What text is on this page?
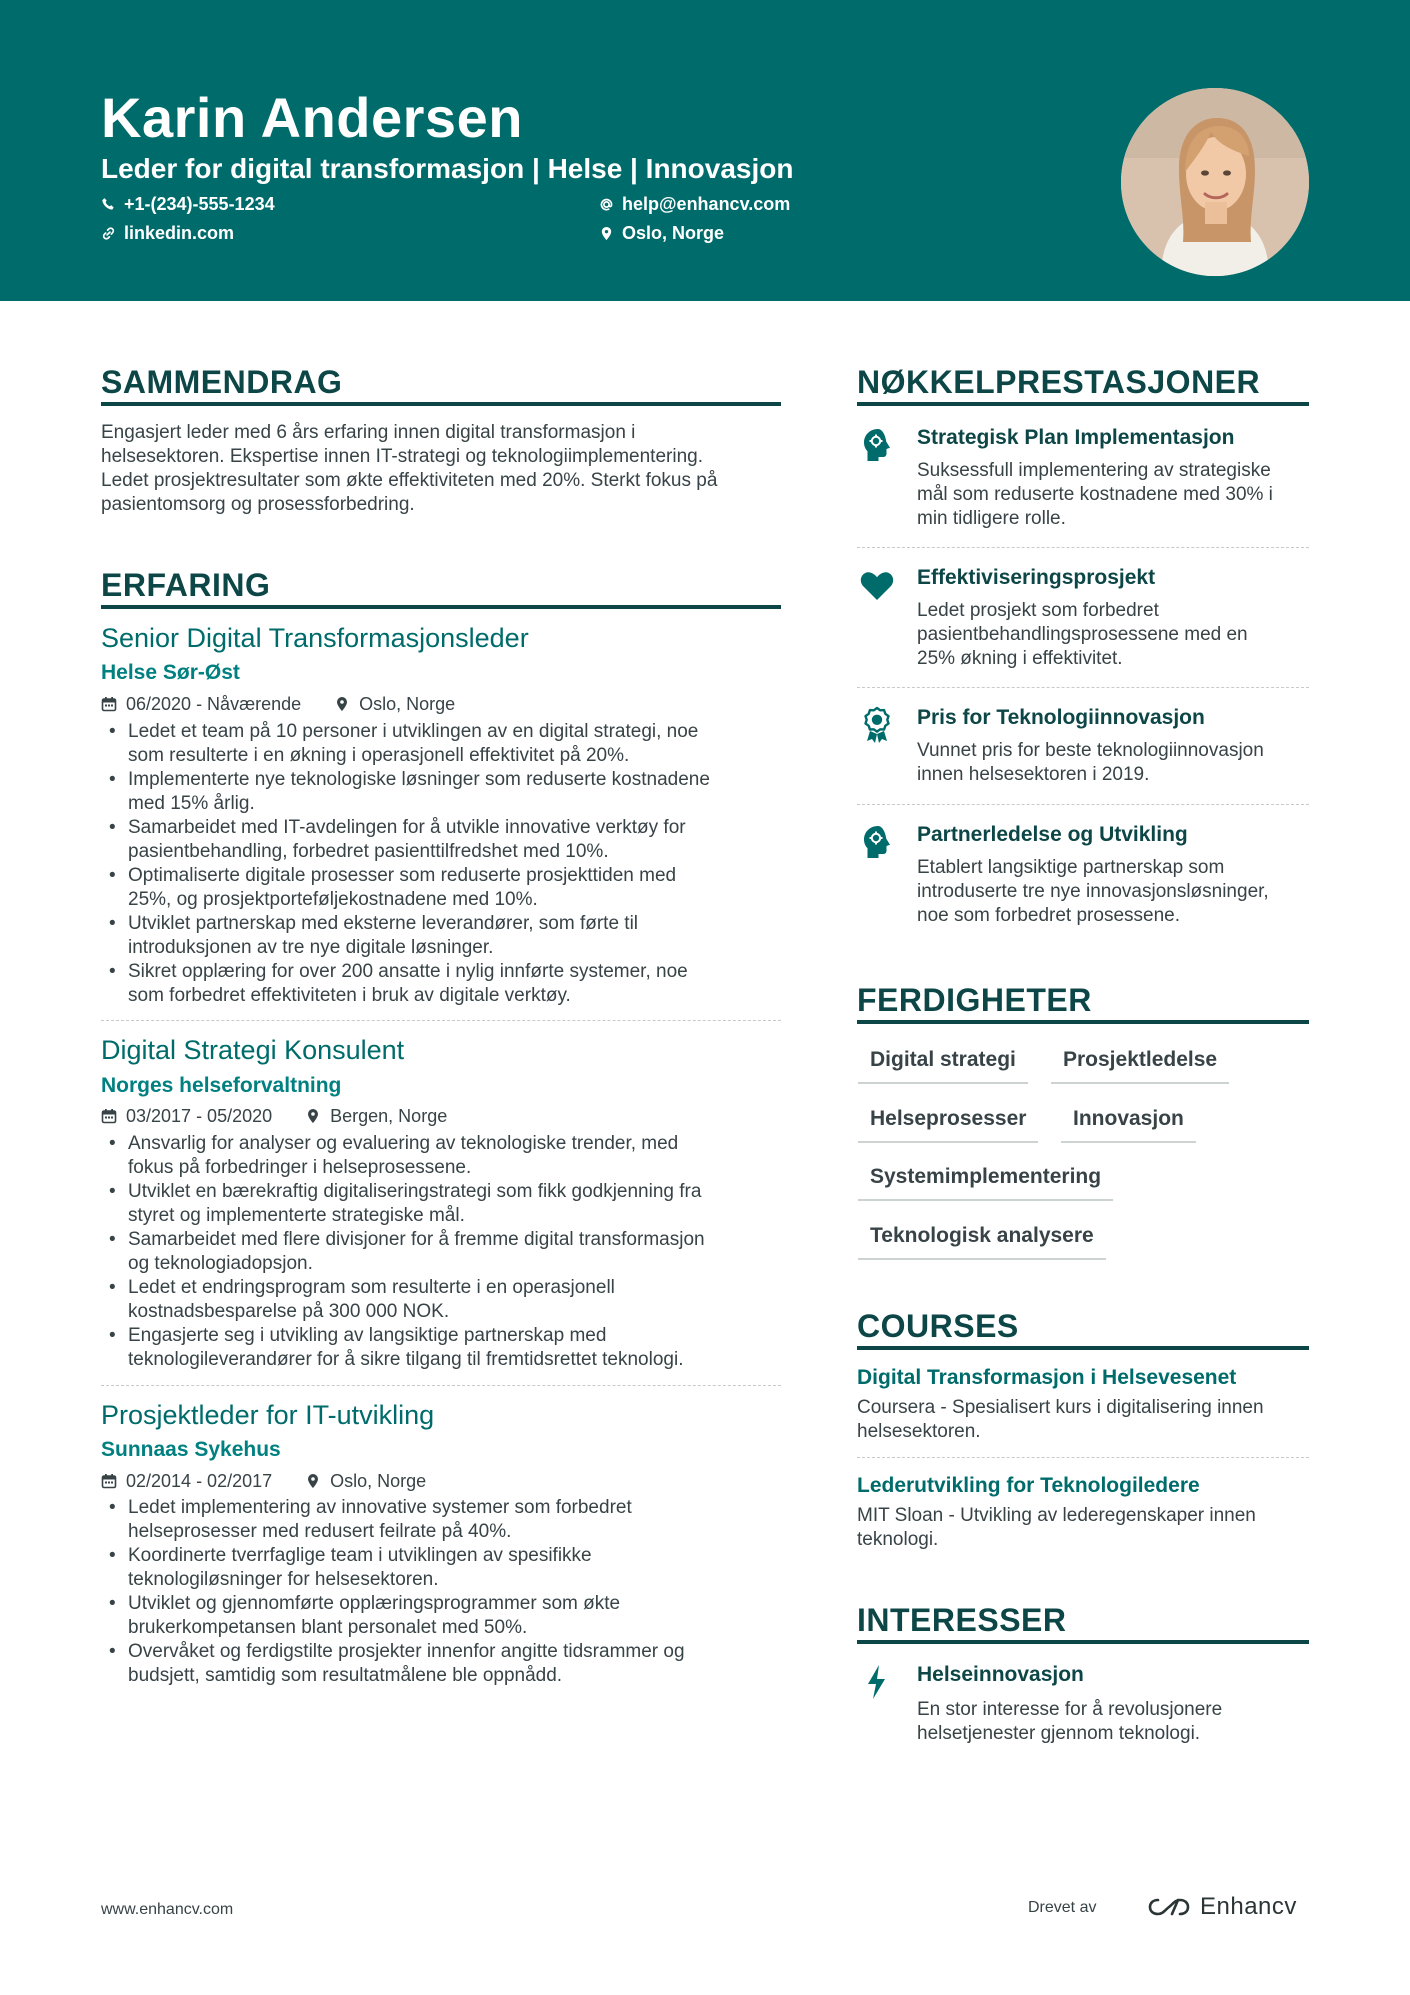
Karin Andersen
Leder for digital transformasjon | Helse | Innovasjon
+1-(234)-555-1234	help@enhancv.com
linkedin.com	Oslo, Norge
SAMMENDRAG
Engasjert leder med 6 års erfaring innen digital transformasjon i
helsesektoren. Ekspertise innen IT-strategi og teknologiimplementering.
Ledet prosjektresultater som økte effektiviteten med 20%. Sterkt fokus på
pasientomsorg og prosessforbedring.
ERFARING
Senior Digital Transformasjonsleder
Helse Sør-Øst
06/2020 - Nåværende	Oslo, Norge
• Ledet et team på 10 personer i utviklingen av en digital strategi, noe
som resulterte i en økning i operasjonell effektivitet på 20%.
• Implementerte nye teknologiske løsninger som reduserte kostnadene
med 15% årlig.
• Samarbeidet med IT-avdelingen for å utvikle innovative verktøy for
pasientbehandling, forbedret pasienttilfredshet med 10%.
• Optimaliserte digitale prosesser som reduserte prosjekttiden med
25%, og prosjektporteføljekostnadene med 10%.
• Utviklet partnerskap med eksterne leverandører, som førte til
introduksjonen av tre nye digitale løsninger.
• Sikret opplæring for over 200 ansatte i nylig innførte systemer, noe
som forbedret effektiviteten i bruk av digitale verktøy.
Digital Strategi Konsulent
Norges helseforvaltning
03/2017 - 05/2020	Bergen, Norge
• Ansvarlig for analyser og evaluering av teknologiske trender, med
fokus på forbedringer i helseprosessene.
• Utviklet en bærekraftig digitaliseringstrategi som fikk godkjenning fra
styret og implementerte strategiske mål.
• Samarbeidet med flere divisjoner for å fremme digital transformasjon
og teknologiadopsjon.
• Ledet et endringsprogram som resulterte i en operasjonell
kostnadsbesparelse på 300 000 NOK.
• Engasjerte seg i utvikling av langsiktige partnerskap med
teknologileverandører for å sikre tilgang til fremtidsrettet teknologi.
Prosjektleder for IT-utvikling
Sunnaas Sykehus
02/2014 - 02/2017	Oslo, Norge
• Ledet implementering av innovative systemer som forbedret
helseprosesser med redusert feilrate på 40%.
• Koordinerte tverrfaglige team i utviklingen av spesifikke
teknologiløsninger for helsesektoren.
• Utviklet og gjennomførte opplæringsprogrammer som økte
brukerkompetansen blant personalet med 50%.
• Overvåket og ferdigstilte prosjekter innenfor angitte tidsrammer og
budsjett, samtidig som resultatmålene ble oppnådd.
NØKKELPRESTASJONER
Strategisk Plan Implementasjon
Suksessfull implementering av strategiske
mål som reduserte kostnadene med 30% i
min tidligere rolle.
Effektiviseringsprosjekt
Ledet prosjekt som forbedret
pasientbehandlingsprosessene med en
25% økning i effektivitet.
Pris for Teknologiinnovasjon
Vunnet pris for beste teknologiinnovasjon
innen helsesektoren i 2019.
Partnerledelse og Utvikling
Etablert langsiktige partnerskap som
introduserte tre nye innovasjonsløsninger,
noe som forbedret prosessene.
FERDIGHETER
Digital strategi	Prosjektledelse
Helseprosesser	Innovasjon
Systemimplementering
Teknologisk analysere
COURSES
Digital Transformasjon i Helsevesenet
Coursera - Spesialisert kurs i digitalisering innen
helsesektoren.
Lederutvikling for Teknologiledere
MIT Sloan - Utvikling av lederegenskaper innen
teknologi.
INTERESSER
Helseinnovasjon
En stor interesse for å revolusjonere
helsetjenester gjennom teknologi.
www.enhancv.com	Drevet av	Enhancv
